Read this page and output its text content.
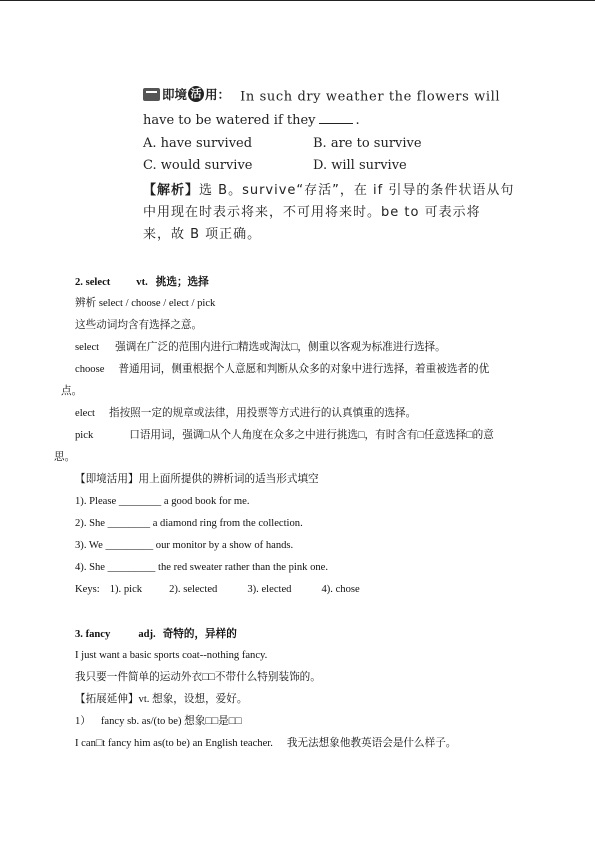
即境 活 用： In such dry weather the flowers will
have to be watered if they	.
A. have survived	B. are to survive
C. would survive	D. will survive
【解析】选 B。survive“存活”，在 if 引导的条件状语从句
中用现在时表示将来，不可用将来时。be to 可表示将
来，故 B 项正确。
2. select vt. 挑选；选择
辨析 select / choose / elect / pick
这些动词均含有选择之意。
select 强调在广泛的范围内进行□精选或淘汰□，侧重以客观为标准进行选择。
choose 普通用词，侧重根据个人意愿和判断从众多的对象中进行选择，着重被选者的优
点。
elect 指按照一定的规章或法律，用投票等方式进行的认真慎重的选择。
pick	口语用词，强调□从个人角度在众多之中进行挑选□，有时含有□任意选择□的意
思。
【即境活用】用上面所提供的辨析词的适当形式填空
1). Please ________ a good book for me.
2). She ________ a diamond ring from the collection.
3). We _________ our monitor by a show of hands.
4). She _________ the red sweater rather than the pink one.
Keys: 1). pick	2). selected	3). elected	4). chose
3. fancy	adj. 奇特的，异样的
I just want a basic sports coat--nothing fancy.
我只要一件简单的运动外衣□□不带什么特别装饰的。
【拓展延伸】vt. 想象，设想，爱好。
1） fancy sb. as/(to be) 想象□□是□□
I can□t fancy him as(to be) an English teacher. 我无法想象他教英语会是什么样子。
